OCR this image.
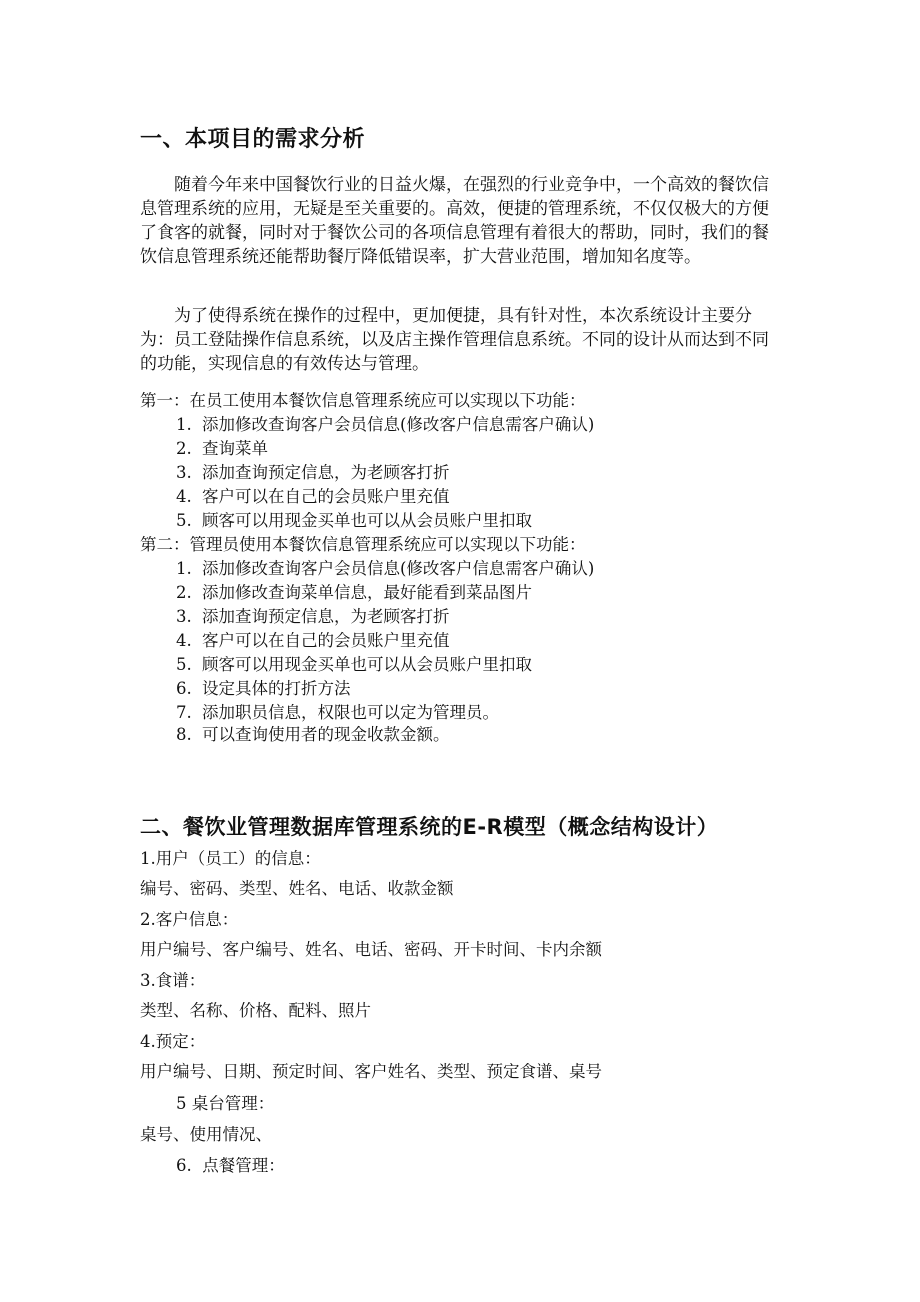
一、本项目的需求分析
随着今年来中国餐饮行业的日益火爆，在强烈的行业竞争中，一个高效的餐饮信息管理系统的应用，无疑是至关重要的。高效，便捷的管理系统，不仅仅极大的方便了食客的就餐，同时对于餐饮公司的各项信息管理有着很大的帮助，同时，我们的餐饮信息管理系统还能帮助餐厅降低错误率，扩大营业范围，增加知名度等。
为了使得系统在操作的过程中，更加便捷，具有针对性，本次系统设计主要分为：员工登陆操作信息系统，以及店主操作管理信息系统。不同的设计从而达到不同的功能，实现信息的有效传达与管理。
第一：在员工使用本餐饮信息管理系统应可以实现以下功能：
1. 添加修改查询客户会员信息(修改客户信息需客户确认)
2. 查询菜单
3. 添加查询预定信息，为老顾客打折
4. 客户可以在自己的会员账户里充值
5. 顾客可以用现金买单也可以从会员账户里扣取
第二：管理员使用本餐饮信息管理系统应可以实现以下功能：
1. 添加修改查询客户会员信息(修改客户信息需客户确认)
2. 添加修改查询菜单信息，最好能看到菜品图片
3. 添加查询预定信息，为老顾客打折
4. 客户可以在自己的会员账户里充值
5. 顾客可以用现金买单也可以从会员账户里扣取
6. 设定具体的打折方法
7. 添加职员信息，权限也可以定为管理员。
8. 可以查询使用者的现金收款金额。
二、餐饮业管理数据库管理系统的E-R模型（概念结构设计）
1.用户（员工）的信息：
编号、密码、类型、姓名、电话、收款金额
2.客户信息：
用户编号、客户编号、姓名、电话、密码、开卡时间、卡内余额
3.食谱：
类型、名称、价格、配料、照片
4.预定：
用户编号、日期、预定时间、客户姓名、类型、预定食谱、桌号
5 桌台管理：
桌号、使用情况、
6.  点餐管理：
